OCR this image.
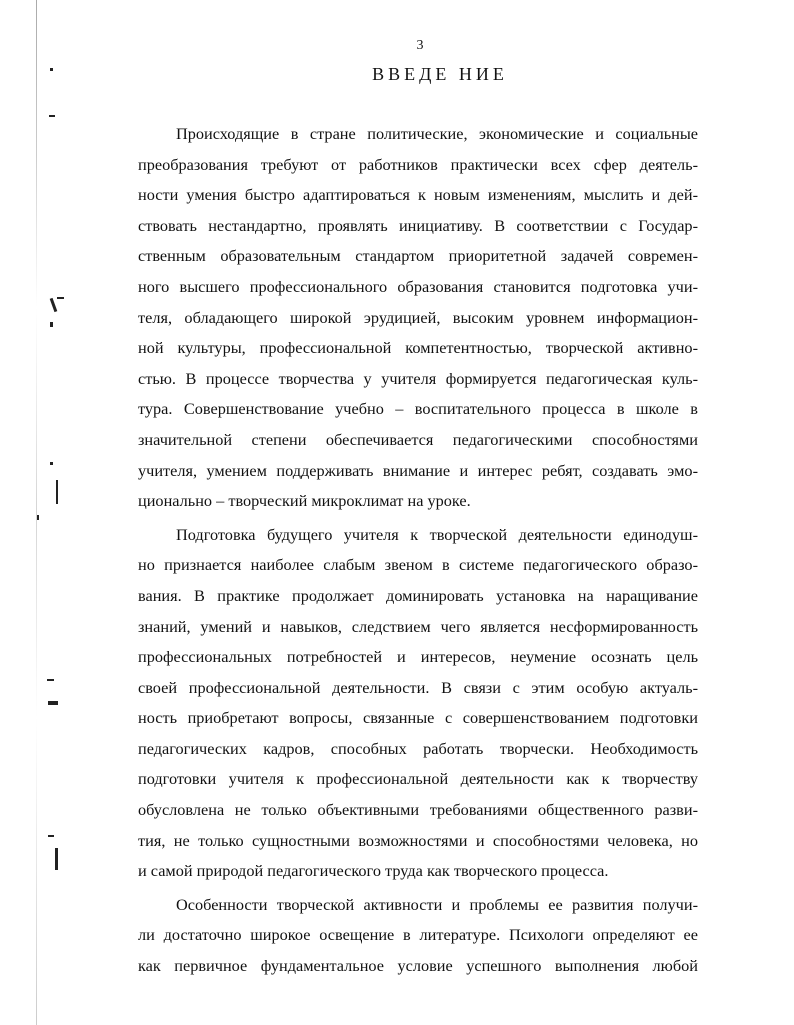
3
ВВЕДЕ НИЕ
Происходящие в стране политические, экономические и социальные
преобразования требуют от работников практически всех сфер деятель-
ности умения быстро адаптироваться к новым изменениям, мыслить и дей-
ствовать нестандартно, проявлять инициативу. В соответствии с Государ-
ственным образовательным стандартом приоритетной задачей современ-
ного высшего профессионального образования становится подготовка учи-
теля, обладающего широкой эрудицией, высоким уровнем информацион-
ной культуры, профессиональной компетентностью, творческой активно-
стью. В процессе творчества у учителя формируется педагогическая куль-
тура. Совершенствование учебно – воспитательного процесса в школе в
значительной степени обеспечивается педагогическими способностями
учителя, умением поддерживать внимание и интерес ребят, создавать эмо-
ционально – творческий микроклимат на уроке.
Подготовка будущего учителя к творческой деятельности единодуш-
но признается наиболее слабым звеном в системе педагогического образо-
вания. В практике продолжает доминировать установка на наращивание
знаний, умений и навыков, следствием чего является несформированность
профессиональных потребностей и интересов, неумение осознать цель
своей профессиональной деятельности. В связи с этим особую актуаль-
ность приобретают вопросы, связанные с совершенствованием подготовки
педагогических кадров, способных работать творчески. Необходимость
подготовки учителя к профессиональной деятельности как к творчеству
обусловлена не только объективными требованиями общественного разви-
тия, не только сущностными возможностями и способностями человека, но
и самой природой педагогического труда как творческого процесса.
Особенности творческой активности и проблемы ее развития получи-
ли достаточно широкое освещение в литературе. Психологи определяют ее
как первичное фундаментальное условие успешного выполнения любой
